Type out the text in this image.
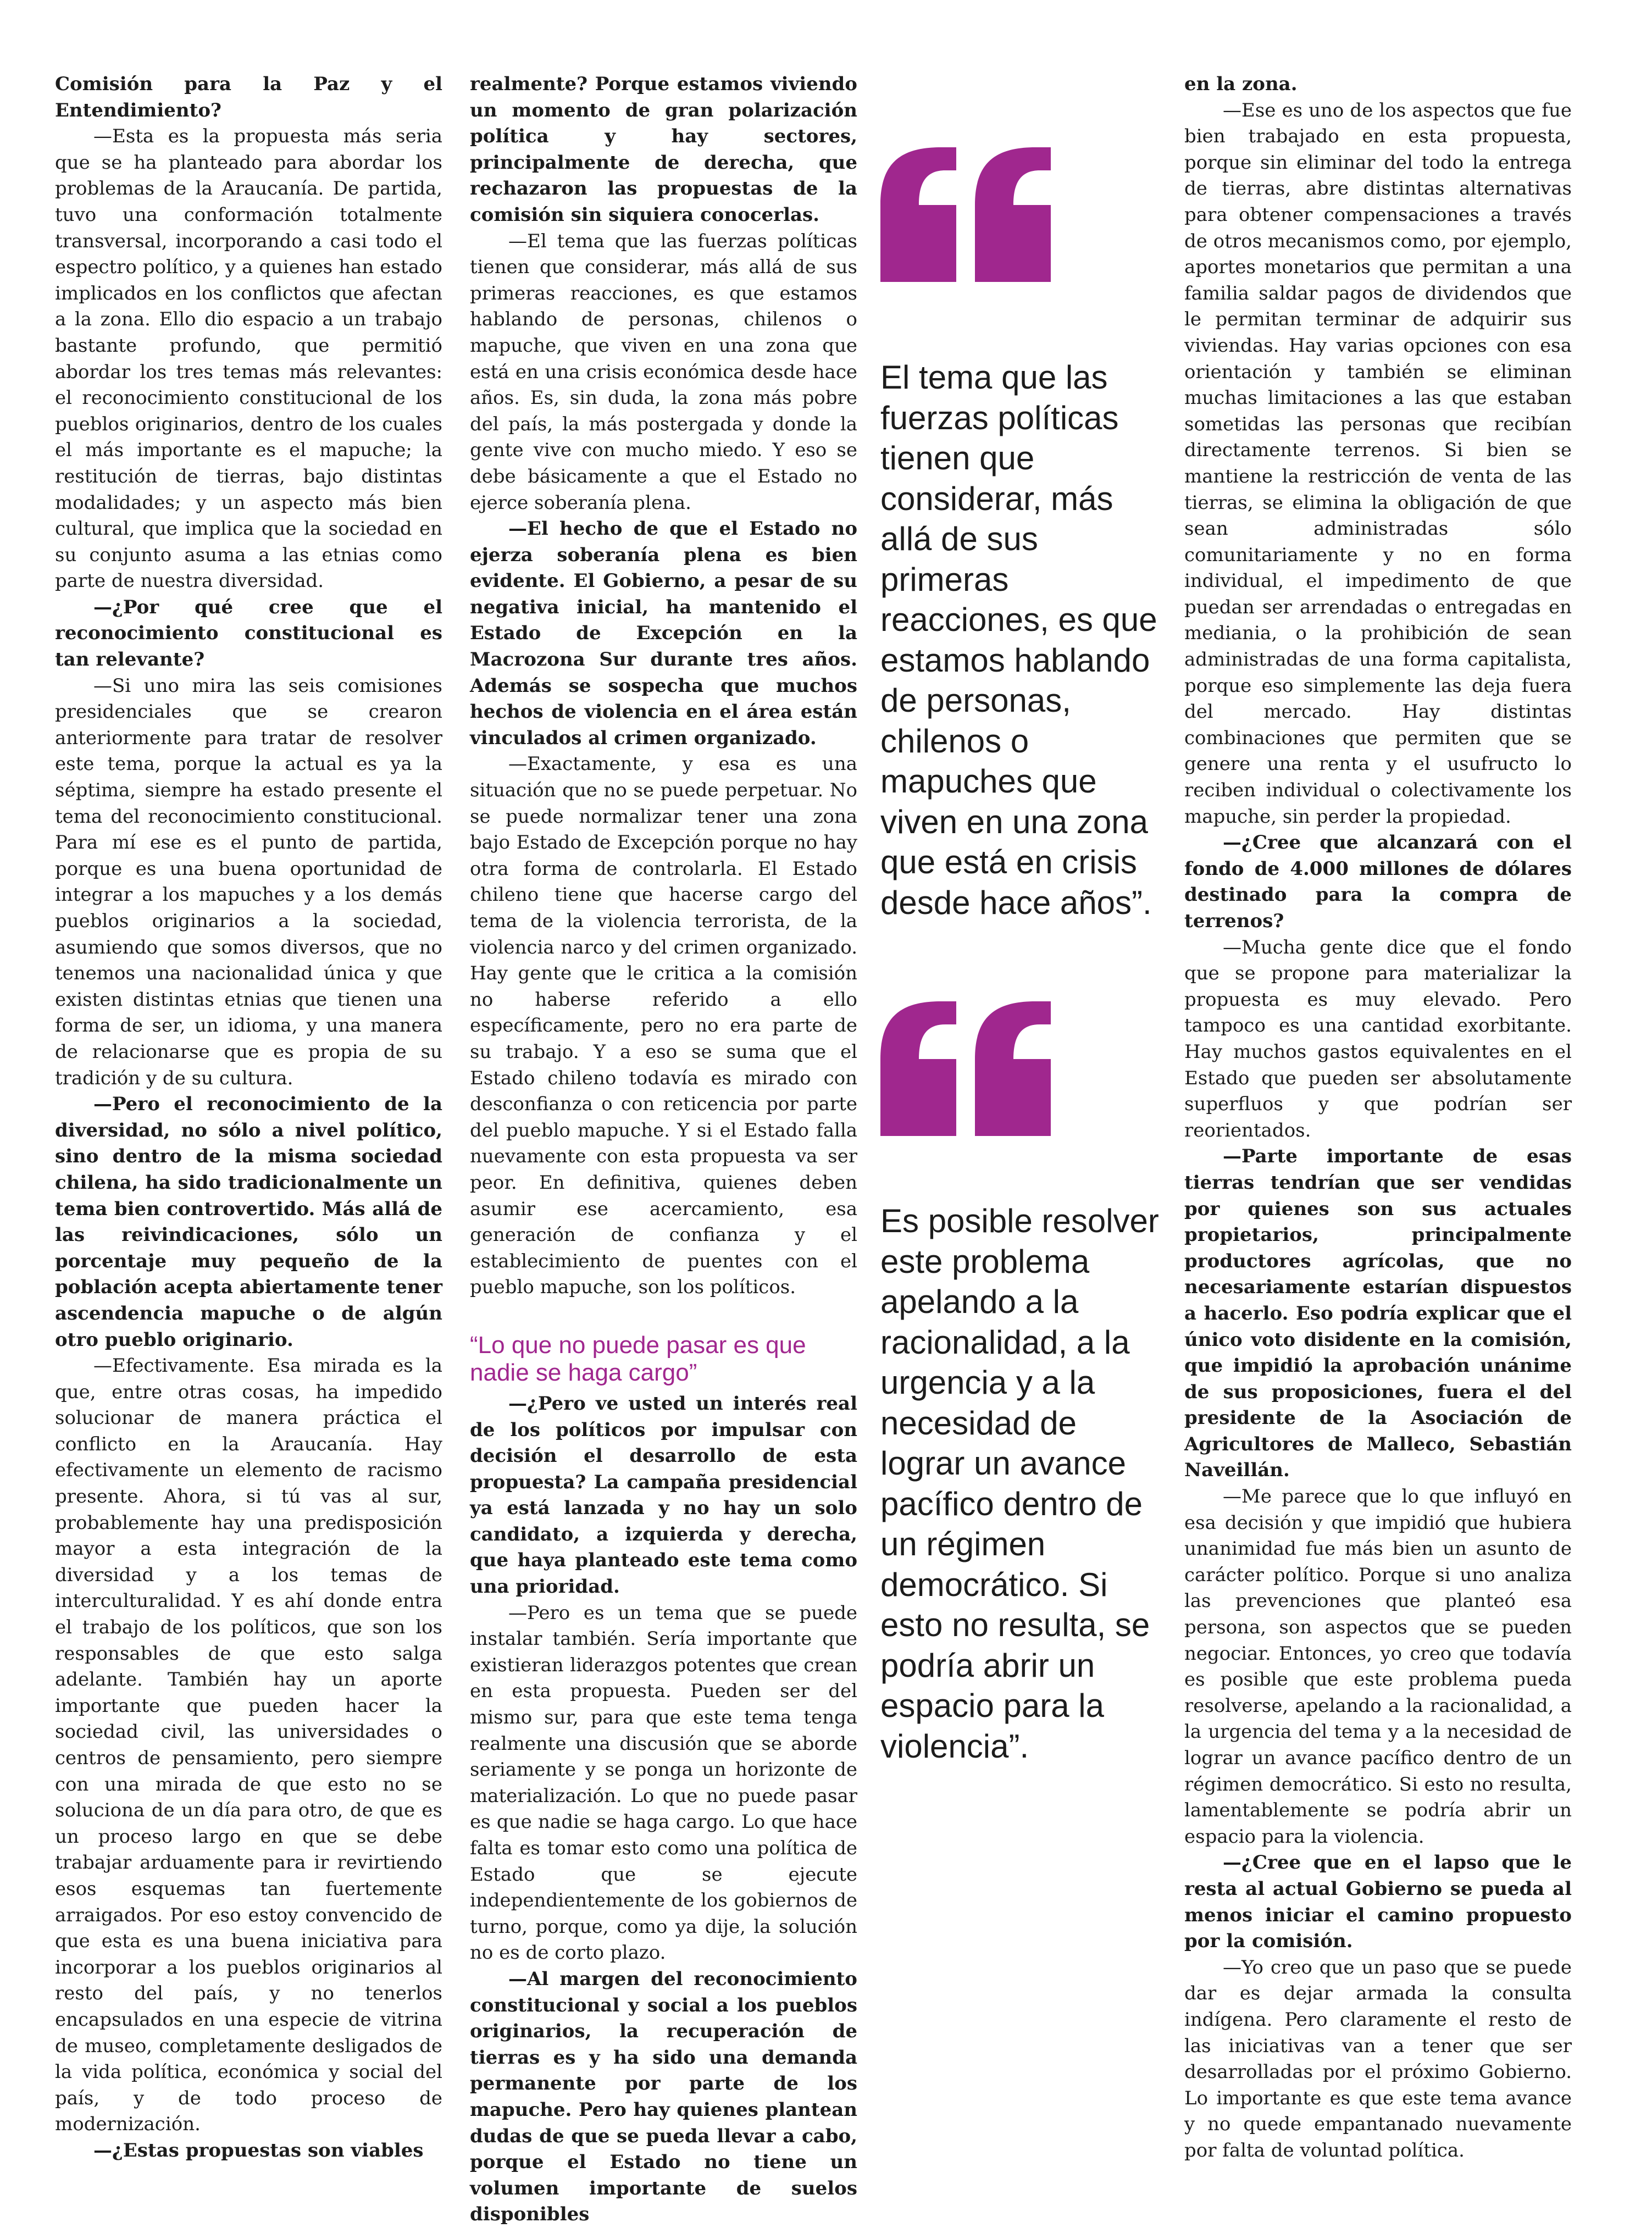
Comisión para la Paz y el Entendimiento?

—Esta es la propuesta más seria que se ha planteado para abordar los problemas de la Araucanía. De partida, tuvo una conformación totalmente transversal, incorporando a casi todo el espectro político, y a quienes han estado implicados en los conflictos que afectan a la zona. Ello dio espacio a un trabajo bastante profundo, que permitió abordar los tres temas más relevantes: el reconocimiento constitucional de los pueblos originarios, dentro de los cuales el más importante es el mapuche; la restitución de tierras, bajo distintas modalidades; y un aspecto más bien cultural, que implica que la sociedad en su conjunto asuma a las etnias como parte de nuestra diversidad.

—¿Por qué cree que el reconocimiento constitucional es tan relevante?

—Si uno mira las seis comisiones presidenciales que se crearon anteriormente para tratar de resolver este tema, porque la actual es ya la séptima, siempre ha estado presente el tema del reconocimiento constitucional. Para mí ese es el punto de partida, porque es una buena oportunidad de integrar a los mapuches y a los demás pueblos originarios a la sociedad, asumiendo que somos diversos, que no tenemos una nacionalidad única y que existen distintas etnias que tienen una forma de ser, un idioma, y una manera de relacionarse que es propia de su tradición y de su cultura.

—Pero el reconocimiento de la diversidad, no sólo a nivel político, sino dentro de la misma sociedad chilena, ha sido tradicionalmente un tema bien controvertido. Más allá de las reivindicaciones, sólo un porcentaje muy pequeño de la población acepta abiertamente tener ascendencia mapuche o de algún otro pueblo originario.

—Efectivamente. Esa mirada es la que, entre otras cosas, ha impedido solucionar de manera práctica el conflicto en la Araucanía. Hay efectivamente un elemento de racismo presente. Ahora, si tú vas al sur, probablemente hay una predisposición mayor a esta integración de la diversidad y a los temas de interculturalidad. Y es ahí donde entra el trabajo de los políticos, que son los responsables de que esto salga adelante. También hay un aporte importante que pueden hacer la sociedad civil, las universidades o centros de pensamiento, pero siempre con una mirada de que esto no se soluciona de un día para otro, de que es un proceso largo en que se debe trabajar arduamente para ir revirtiendo esos esquemas tan fuertemente arraigados. Por eso estoy convencido de que esta es una buena iniciativa para incorporar a los pueblos originarios al resto del país, y no tenerlos encapsulados en una especie de vitrina de museo, completamente desligados de la vida política, económica y social del país, y de todo proceso de modernización.

—¿Estas propuestas son viables

realmente? Porque estamos viviendo un momento de gran polarización política y hay sectores, principalmente de derecha, que rechazaron las propuestas de la comisión sin siquiera conocerlas.

—El tema que las fuerzas políticas tienen que considerar, más allá de sus primeras reacciones, es que estamos hablando de personas, chilenos o mapuche, que viven en una zona que está en una crisis económica desde hace años. Es, sin duda, la zona más pobre del país, la más postergada y donde la gente vive con mucho miedo. Y eso se debe básicamente a que el Estado no ejerce soberanía plena.

—El hecho de que el Estado no ejerza soberanía plena es bien evidente. El Gobierno, a pesar de su negativa inicial, ha mantenido el Estado de Excepción en la Macrozona Sur durante tres años. Además se sospecha que muchos hechos de violencia en el área están vinculados al crimen organizado.

—Exactamente, y esa es una situación que no se puede perpetuar. No se puede normalizar tener una zona bajo Estado de Excepción porque no hay otra forma de controlarla. El Estado chileno tiene que hacerse cargo del tema de la violencia terrorista, de la violencia narco y del crimen organizado. Hay gente que le critica a la comisión no haberse referido a ello específicamente, pero no era parte de su trabajo. Y a eso se suma que el Estado chileno todavía es mirado con desconfianza o con reticencia por parte del pueblo mapuche. Y si el Estado falla nuevamente con esta propuesta va ser peor. En definitiva, quienes deben asumir ese acercamiento, esa generación de confianza y el establecimiento de puentes con el pueblo mapuche, son los políticos.

“Lo que no puede pasar es que nadie se haga cargo”

—¿Pero ve usted un interés real de los políticos por impulsar con decisión el desarrollo de esta propuesta? La campaña presidencial ya está lanzada y no hay un solo candidato, a izquierda y derecha, que haya planteado este tema como una prioridad.

—Pero es un tema que se puede instalar también. Sería importante que existieran liderazgos potentes que crean en esta propuesta. Pueden ser del mismo sur, para que este tema tenga realmente una discusión que se aborde seriamente y se ponga un horizonte de materialización. Lo que no puede pasar es que nadie se haga cargo. Lo que hace falta es tomar esto como una política de Estado que se ejecute independientemente de los gobiernos de turno, porque, como ya dije, la solución no es de corto plazo.

—Al margen del reconocimiento constitucional y social a los pueblos originarios, la recuperación de tierras es y ha sido una demanda permanente por parte de los mapuche. Pero hay quienes plantean dudas de que se pueda llevar a cabo, porque el Estado no tiene un volumen importante de suelos disponibles

en la zona.

—Ese es uno de los aspectos que fue bien trabajado en esta propuesta, porque sin eliminar del todo la entrega de tierras, abre distintas alternativas para obtener compensaciones a través de otros mecanismos como, por ejemplo, aportes monetarios que permitan a una familia saldar pagos de dividendos que le permitan terminar de adquirir sus viviendas. Hay varias opciones con esa orientación y también se eliminan muchas limitaciones a las que estaban sometidas las personas que recibían directamente terrenos. Si bien se mantiene la restricción de venta de las tierras, se elimina la obligación de que sean administradas sólo comunitariamente y no en forma individual, el impedimento de que puedan ser arrendadas o entregadas en mediania, o la prohibición de sean administradas de una forma capitalista, porque eso simplemente las deja fuera del mercado. Hay distintas combinaciones que permiten que se genere una renta y el usufructo lo reciben individual o colectivamente los mapuche, sin perder la propiedad.

—¿Cree que alcanzará con el fondo de 4.000 millones de dólares destinado para la compra de terrenos?

—Mucha gente dice que el fondo que se propone para materializar la propuesta es muy elevado. Pero tampoco es una cantidad exorbitante. Hay muchos gastos equivalentes en el Estado que pueden ser absolutamente superfluos y que podrían ser reorientados.

—Parte importante de esas tierras tendrían que ser vendidas por quienes son sus actuales propietarios, principalmente productores agrícolas, que no necesariamente estarían dispuestos a hacerlo. Eso podría explicar que el único voto disidente en la comisión, que impidió la aprobación unánime de sus proposiciones, fuera el del presidente de la Asociación de Agricultores de Malleco, Sebastián Naveillán.

—Me parece que lo que influyó en esa decisión y que impidió que hubiera unanimidad fue más bien un asunto de carácter político. Porque si uno analiza las prevenciones que planteó esa persona, son aspectos que se pueden negociar. Entonces, yo creo que todavía es posible que este problema pueda resolverse, apelando a la racionalidad, a la urgencia del tema y a la necesidad de lograr un avance pacífico dentro de un régimen democrático. Si esto no resulta, lamentablemente se podría abrir un espacio para la violencia.

—¿Cree que en el lapso que le resta al actual Gobierno se pueda al menos iniciar el camino propuesto por la comisión.

—Yo creo que un paso que se puede dar es dejar armada la consulta indígena. Pero claramente el resto de las iniciativas van a tener que ser desarrolladas por el próximo Gobierno. Lo importante es que este tema avance y no quede empantanado nuevamente por falta de voluntad política.

El tema que las fuerzas políticas tienen que considerar, más allá de sus primeras reacciones, es que estamos hablando de personas, chilenos o mapuches que viven en una zona que está en crisis desde hace años”.

Es posible resolver este problema apelando a la racionalidad, a la urgencia y a la necesidad de lograr un avance pacífico dentro de un régimen democrático. Si esto no resulta, se podría abrir un espacio para la violencia”.
